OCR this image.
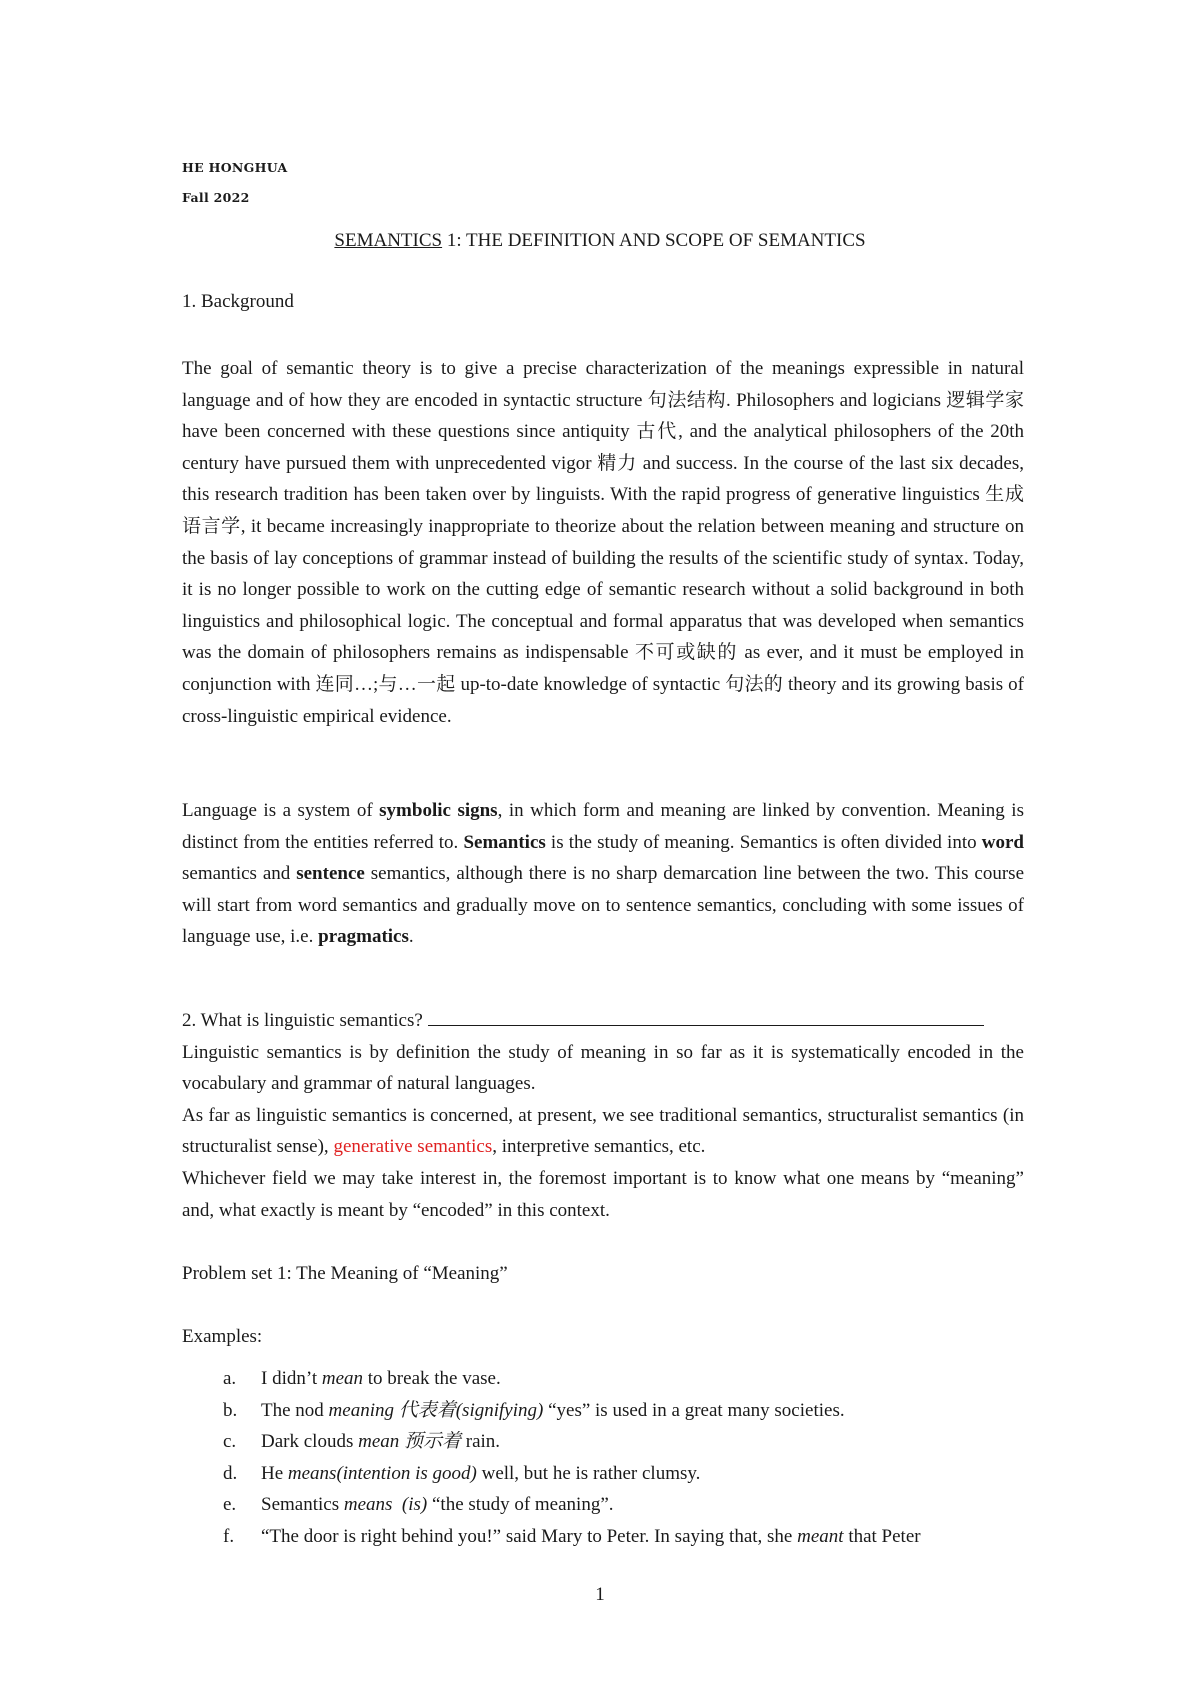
HE HONGHUA
Fall 2022
SEMANTICS 1: THE DEFINITION AND SCOPE OF SEMANTICS
1. Background

The goal of semantic theory is to give a precise characterization of the meanings expressible in natural language and of how they are encoded in syntactic structure 句法结构. Philosophers and logicians 逻辑学家 have been concerned with these questions since antiquity 古代, and the analytical philosophers of the 20th century have pursued them with unprecedented vigor 精力 and success. In the course of the last six decades, this research tradition has been taken over by linguists. With the rapid progress of generative linguistics 生成语言学, it became increasingly inappropriate to theorize about the relation between meaning and structure on the basis of lay conceptions of grammar instead of building the results of the scientific study of syntax. Today, it is no longer possible to work on the cutting edge of semantic research without a solid background in both linguistics and philosophical logic. The conceptual and formal apparatus that was developed when semantics was the domain of philosophers remains as indispensable 不可或缺的 as ever, and it must be employed in conjunction with 连同…;与…一起 up-to-date knowledge of syntactic 句法的 theory and its growing basis of cross-linguistic empirical evidence.

Language is a system of symbolic signs, in which form and meaning are linked by convention. Meaning is distinct from the entities referred to. Semantics is the study of meaning. Semantics is often divided into word semantics and sentence semantics, although there is no sharp demarcation line between the two. This course will start from word semantics and gradually move on to sentence semantics, concluding with some issues of language use, i.e. pragmatics.

2. What is linguistic semantics?

Linguistic semantics is by definition the study of meaning in so far as it is systematically encoded in the vocabulary and grammar of natural languages.

As far as linguistic semantics is concerned, at present, we see traditional semantics, structuralist semantics (in structuralist sense), generative semantics, interpretive semantics, etc.

Whichever field we may take interest in, the foremost important is to know what one means by “meaning” and, what exactly is meant by “encoded” in this context.

Problem set 1: The Meaning of “Meaning”

Examples:

a. I didn’t mean to break the vase.
b. The nod meaning 代表着(signifying) “yes” is used in a great many societies.
c. Dark clouds mean 预示着 rain.
d. He means(intention is good) well, but he is rather clumsy.
e. Semantics means  (is) “the study of meaning”.
f. “The door is right behind you!” said Mary to Peter. In saying that, she meant that Peter
1
